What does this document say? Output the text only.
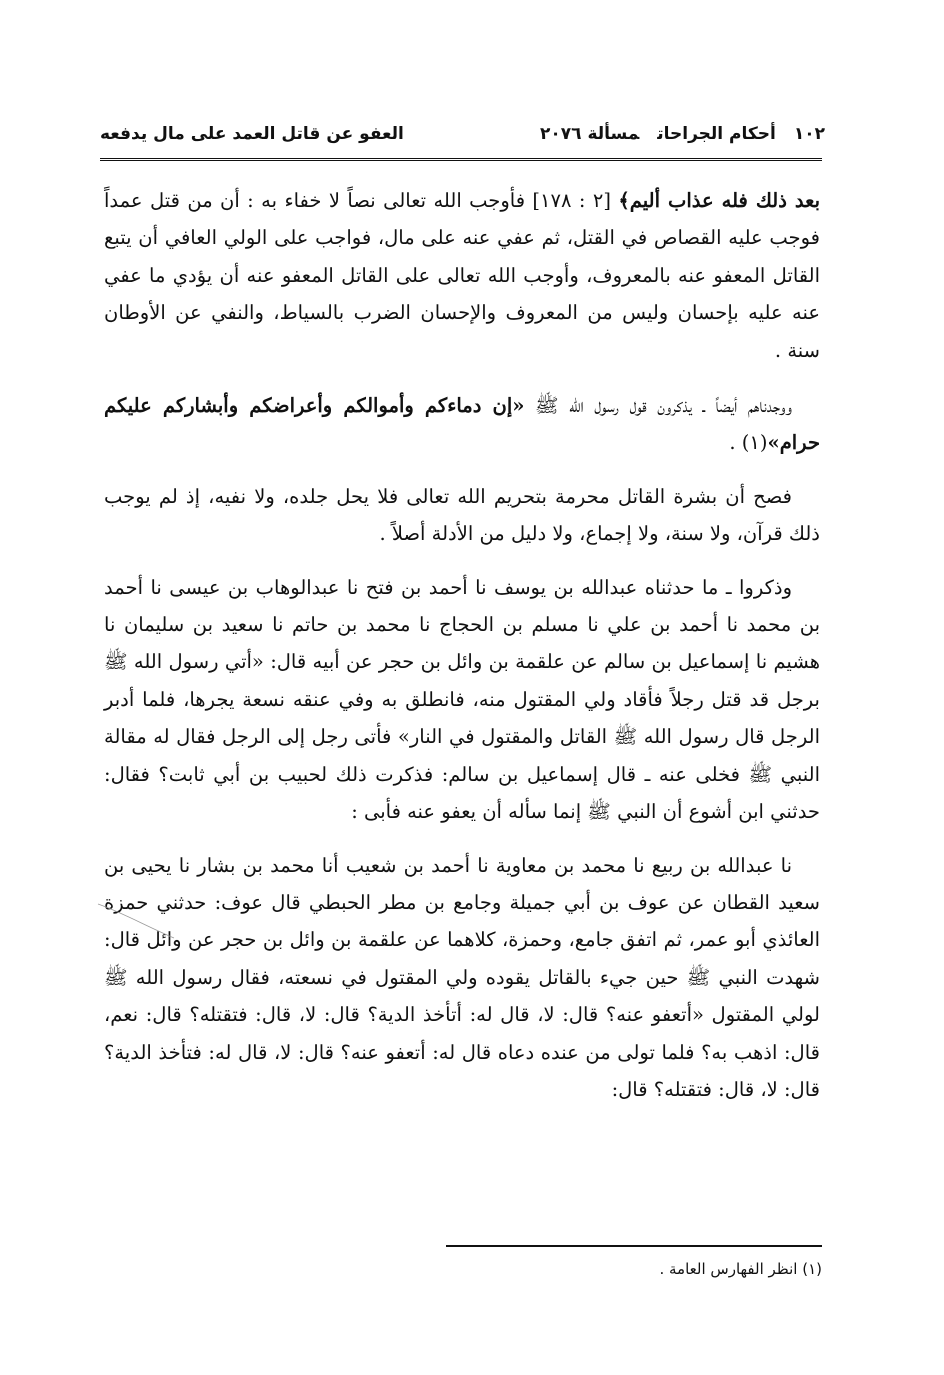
١٠٢أحكام الجراحاتمسألة ٢٠٧٦
العفو عن قاتل العمد على مال يدفعه

بعد ذلك فله عذاب أليم﴾ [٢ : ١٧٨] فأوجب الله تعالى نصاً لا خفاء به : أن من قتل عمداً فوجب عليه القصاص في القتل، ثم عفي عنه على مال، فواجب على الولي العافي أن يتبع القاتل المعفو عنه بالمعروف، وأوجب الله تعالى على القاتل المعفو عنه أن يؤدي ما عفي عنه عليه بإحسان وليس من المعروف والإحسان الضرب بالسياط، والنفي عن الأوطان سنة .

ووجدناهم أيضاً ـ يذكرون قول رسول الله ﷺ «إن دماءكم وأموالكم وأعراضكم وأبشاركم عليكم حرام»(١) .

فصح أن بشرة القاتل محرمة بتحريم الله تعالى فلا يحل جلده، ولا نفيه، إذ لم يوجب ذلك قرآن، ولا سنة، ولا إجماع، ولا دليل من الأدلة أصلاً .

وذكروا ـ ما حدثناه عبدالله بن يوسف نا أحمد بن فتح نا عبدالوهاب بن عيسى نا أحمد بن محمد نا أحمد بن علي نا مسلم بن الحجاج نا محمد بن حاتم نا سعيد بن سليمان نا هشيم نا إسماعيل بن سالم عن علقمة بن وائل بن حجر عن أبيه قال: «أتي رسول الله ﷺ برجل قد قتل رجلاً فأقاد ولي المقتول منه، فانطلق به وفي عنقه نسعة يجرها، فلما أدبر الرجل قال رسول الله ﷺ القاتل والمقتول في النار» فأتى رجل إلى الرجل فقال له مقالة النبي ﷺ فخلى عنه ـ قال إسماعيل بن سالم: فذكرت ذلك لحبيب بن أبي ثابت؟ فقال: حدثني ابن أشوع أن النبي ﷺ إنما سأله أن يعفو عنه فأبى :

نا عبدالله بن ربيع نا محمد بن معاوية نا أحمد بن شعيب أنا محمد بن بشار نا يحيى بن سعيد القطان عن عوف بن أبي جميلة وجامع بن مطر الحبطي قال عوف: حدثني حمزة العائذي أبو عمر، ثم اتفق جامع، وحمزة، كلاهما عن علقمة بن وائل بن حجر عن وائل قال: شهدت النبي ﷺ حين جيء بالقاتل يقوده ولي المقتول في نسعته، فقال رسول الله ﷺ لولي المقتول «أتعفو عنه؟ قال: لا، قال له: أتأخذ الدية؟ قال: لا، قال: فتقتله؟ قال: نعم، قال: اذهب به؟ فلما تولى من عنده دعاه قال له: أتعفو عنه؟ قال: لا، قال له: فتأخذ الدية؟ قال: لا، قال: فتقتله؟ قال:

(١) انظر الفهارس العامة .
